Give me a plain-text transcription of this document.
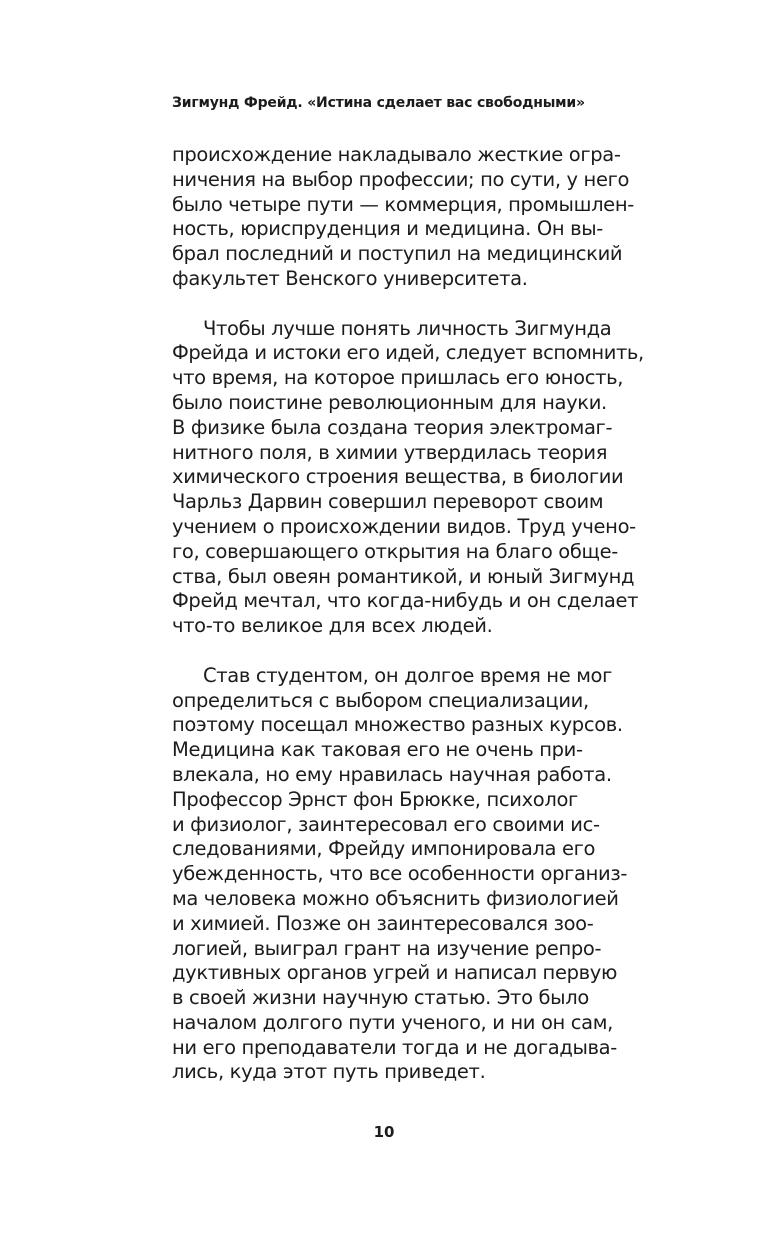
Зигмунд Фрейд. «Истина сделает вас свободными»

происхождение накладывало жесткие огра-
ничения на выбор профессии; по сути, у него
было четыре пути — коммерция, промышлен-
ность, юриспруденция и медицина. Он вы-
брал последний и поступил на медицинский
факультет Венского университета.

Чтобы лучше понять личность Зигмунда
Фрейда и истоки его идей, следует вспомнить,
что время, на которое пришлась его юность,
было поистине революционным для науки.
В физике была создана теория электромаг-
нитного поля, в химии утвердилась теория
химического строения вещества, в биологии
Чарльз Дарвин совершил переворот своим
учением о происхождении видов. Труд учено-
го, совершающего открытия на благо обще-
ства, был овеян романтикой, и юный Зигмунд
Фрейд мечтал, что когда-нибудь и он сделает
что-то великое для всех людей.

Став студентом, он долгое время не мог
определиться с выбором специализации,
поэтому посещал множество разных курсов.
Медицина как таковая его не очень при-
влекала, но ему нравилась научная работа.
Профессор Эрнст фон Брюкке, психолог
и физиолог, заинтересовал его своими ис-
следованиями, Фрейду импонировала его
убежденность, что все особенности организ-
ма человека можно объяснить физиологией
и химией. Позже он заинтересовался зоо-
логией, выиграл грант на изучение репро-
дуктивных органов угрей и написал первую
в своей жизни научную статью. Это было
началом долгого пути ученого, и ни он сам,
ни его преподаватели тогда и не догадыва-
лись, куда этот путь приведет.

10
